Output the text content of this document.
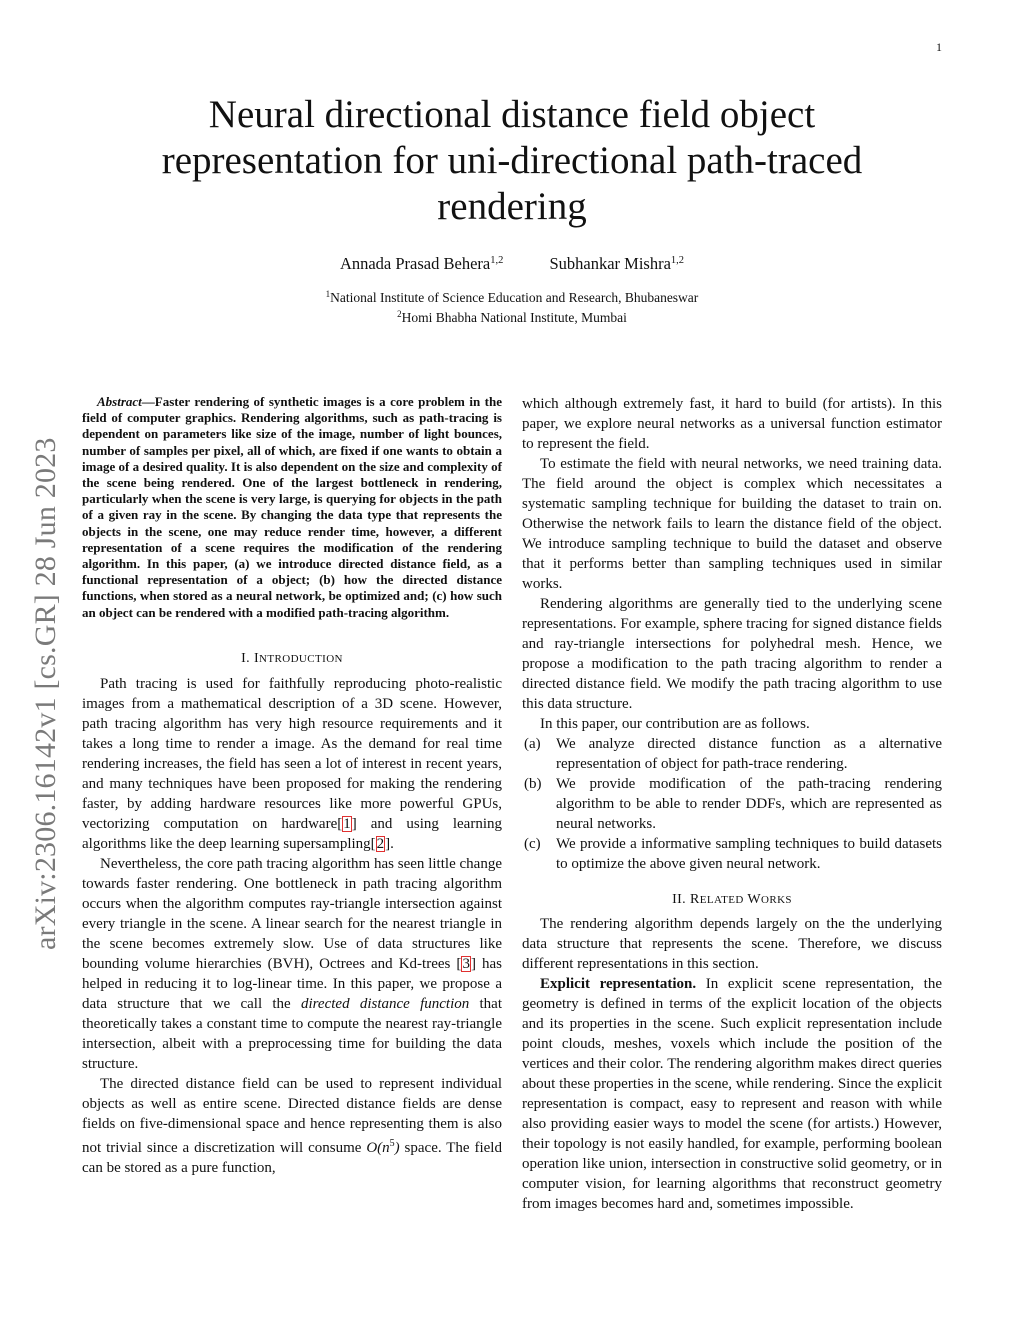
1
arXiv:2306.16142v1 [cs.GR] 28 Jun 2023
Neural directional distance field object
representation for uni-directional path-traced
rendering
Annada Prasad Behera$^{1,2}$	Subhankar Mishra$^{1,2}$
$^1$National Institute of Science Education and Research, Bhubaneswar
$^2$Homi Bhabha National Institute, Mumbai

Abstract—Faster rendering of synthetic images is a core problem in the field of computer graphics. Rendering algorithms, such as path-tracing is dependent on parameters like size of the image, number of light bounces, number of samples per pixel, all of which, are fixed if one wants to obtain a image of a desired quality. It is also dependent on the size and complexity of the scene being rendered. One of the largest bottleneck in rendering, particularly when the scene is very large, is querying for objects in the path of a given ray in the scene. By changing the data type that represents the objects in the scene, one may reduce render time, however, a different representation of a scene requires the modification of the rendering algorithm. In this paper, (a) we introduce directed distance field, as a functional representation of a object; (b) how the directed distance functions, when stored as a neural network, be optimized and; (c) how such an object can be rendered with a modified path-tracing algorithm.

I. INTRODUCTION

Path tracing is used for faithfully reproducing photo-realistic images from a mathematical description of a 3D scene. However, path tracing algorithm has very high resource requirements and it takes a long time to render a image. As the demand for real time rendering increases, the field has seen a lot of interest in recent years, and many techniques have been proposed for making the rendering faster, by adding hardware resources like more powerful GPUs, vectorizing computation on hardware[1] and using learning algorithms like the deep learning supersampling[2].

Nevertheless, the core path tracing algorithm has seen little change towards faster rendering. One bottleneck in path tracing algorithm occurs when the algorithm computes ray-triangle intersection against every triangle in the scene. A linear search for the nearest triangle in the scene becomes extremely slow. Use of data structures like bounding volume hierarchies (BVH), Octrees and Kd-trees [3] has helped in reducing it to log-linear time. In this paper, we propose a data structure that we call the directed distance function that theoretically takes a constant time to compute the nearest ray-triangle intersection, albeit with a preprocessing time for building the data structure.

The directed distance field can be used to represent individual objects as well as entire scene. Directed distance fields are dense fields on five-dimensional space and hence representing them is also not trivial since a discretization will consume $O(n^5)$ space. The field can be stored as a pure function,

which although extremely fast, it hard to build (for artists). In this paper, we explore neural networks as a universal function estimator to represent the field.

To estimate the field with neural networks, we need training data. The field around the object is complex which necessitates a systematic sampling technique for building the dataset to train on. Otherwise the network fails to learn the distance field of the object. We introduce sampling technique to build the dataset and observe that it performs better than sampling techniques used in similar works.

Rendering algorithms are generally tied to the underlying scene representations. For example, sphere tracing for signed distance fields and ray-triangle intersections for polyhedral mesh. Hence, we propose a modification to the path tracing algorithm to render a directed distance field. We modify the path tracing algorithm to use this data structure.

In this paper, our contribution are as follows.

(a) We analyze directed distance function as a alternative representation of object for path-trace rendering.
(b) We provide modification of the path-tracing rendering algorithm to be able to render DDFs, which are represented as neural networks.
(c) We provide a informative sampling techniques to build datasets to optimize the above given neural network.
II. RELATED WORKS

The rendering algorithm depends largely on the the underlying data structure that represents the scene. Therefore, we discuss different representations in this section.

Explicit representation. In explicit scene representation, the geometry is defined in terms of the explicit location of the objects and its properties in the scene. Such explicit representation include point clouds, meshes, voxels which include the position of the vertices and their color. The rendering algorithm makes direct queries about these properties in the scene, while rendering. Since the explicit representation is compact, easy to represent and reason with while also providing easier ways to model the scene (for artists.) However, their topology is not easily handled, for example, performing boolean operation like union, intersection in constructive solid geometry, or in computer vision, for learning algorithms that reconstruct geometry from images becomes hard and, sometimes impossible.
